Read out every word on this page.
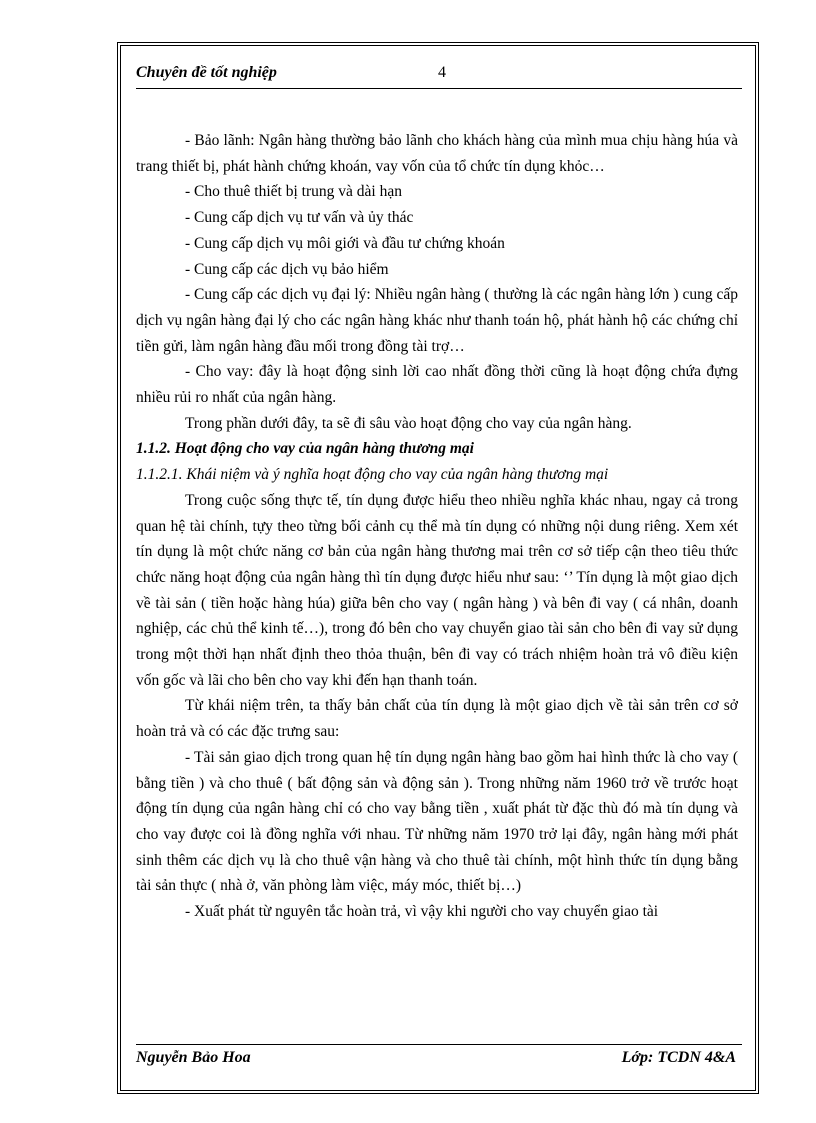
Chuyên đề tốt nghiệp	4

- Bảo lãnh: Ngân hàng thường bảo lãnh cho khách hàng của mình mua chịu hàng húa và trang thiết bị, phát hành chứng khoán, vay vốn của tổ chức tín dụng khỏc…

- Cho thuê thiết bị trung và dài hạn

- Cung cấp dịch vụ tư vấn và ủy thác

- Cung cấp dịch vụ môi giới và đầu tư chứng khoán

- Cung cấp các dịch vụ bảo hiểm

- Cung cấp các dịch vụ đại lý: Nhiều ngân hàng ( thường là các ngân hàng lớn ) cung cấp dịch vụ ngân hàng đại lý cho các ngân hàng khác như thanh toán hộ, phát hành hộ các chứng chỉ tiền gửi, làm ngân hàng đầu mối trong đồng tài trợ…

- Cho vay: đây là hoạt động sinh lời cao nhất đồng thời cũng là hoạt động chứa đựng nhiều rủi ro nhất của ngân hàng.

Trong phần dưới đây, ta sẽ đi sâu vào hoạt động cho vay của ngân hàng.

1.1.2. Hoạt động cho vay của ngân hàng thương mại

1.1.2.1. Khái niệm và ý nghĩa hoạt động cho vay của ngân hàng thương mại

Trong cuộc sống thực tế, tín dụng được hiểu theo nhiều nghĩa khác nhau, ngay cả trong quan hệ tài chính, tựy theo từng bối cảnh cụ thể mà tín dụng có những nội dung riêng. Xem xét tín dụng là một chức năng cơ bản của ngân hàng thương mai trên cơ sở tiếp cận theo tiêu thức chức năng hoạt động của ngân hàng thì tín dụng được hiểu như sau: ‘’ Tín dụng là một giao dịch về tài sản ( tiền hoặc hàng húa) giữa bên cho vay ( ngân hàng ) và bên đi vay ( cá nhân, doanh nghiệp, các chủ thể kinh tế…), trong đó bên cho vay chuyển giao tài sản cho bên đi vay sử dụng trong một thời hạn nhất định theo thỏa thuận, bên đi vay có trách nhiệm hoàn trả vô điều kiện vốn gốc và lãi cho bên cho vay khi đến hạn thanh toán.

Từ khái niệm trên, ta thấy bản chất của tín dụng là một giao dịch về tài sản trên cơ sở hoàn trả và có các đặc trưng sau:

- Tài sản giao dịch trong quan hệ tín dụng ngân hàng bao gồm hai hình thức là cho vay ( bằng tiền ) và cho thuê ( bất động sản và động sản ). Trong những năm 1960 trở về trước hoạt động tín dụng của ngân hàng chỉ có cho vay bằng tiền , xuất phát từ đặc thù đó mà tín dụng và cho vay được coi là đồng nghĩa với nhau. Từ những năm 1970 trở lại đây, ngân hàng mới phát sinh thêm các dịch vụ là cho thuê vận hàng và cho thuê tài chính, một hình thức tín dụng bằng tài sản thực ( nhà ở, văn phòng làm việc, máy móc, thiết bị…)

- Xuất phát từ nguyên tắc hoàn trả, vì vậy khi người cho vay chuyển giao tài

Nguyễn Bảo Hoa	Lớp: TCDN 4&A
